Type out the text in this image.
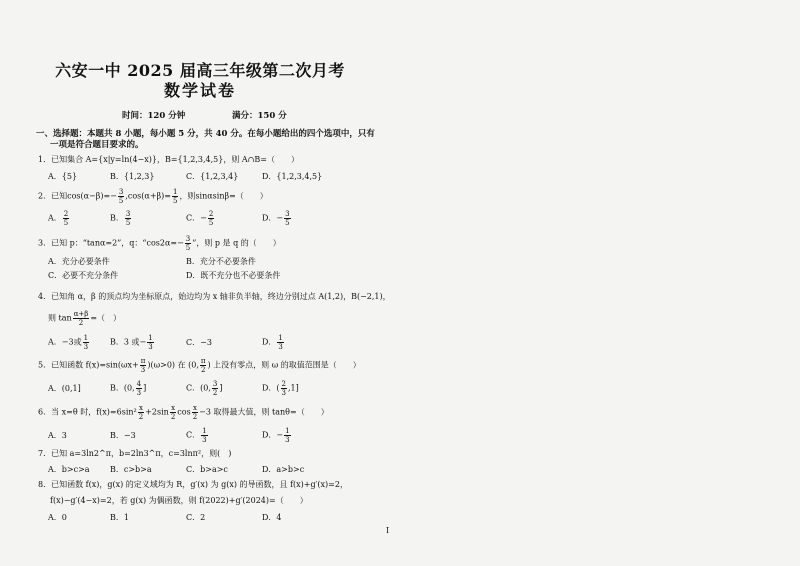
六安一中 2025 届高三年级第二次月考
数学试卷
时间：120 分钟	满分：150 分
一、选择题：本题共 8 小题，每小题 5 分，共 40 分。在每小题给出的四个选项中，只有
一项是符合题目要求的。
1．已知集合 A={x|y=ln(4−x)}，B={1,2,3,4,5}，则 A∩B=（　　）
A．{5}	B．{1,2,3}	C．{1,2,3,4}	D．{1,2,3,4,5}
2．已知$\cos(\alpha-\beta)=- \frac{3}{5} ,\cos(\alpha+\beta)= \frac{1}{5}$ ，则sinαsinβ=（　　）
A． $\frac{2}{5}$	B． $\frac{3}{5}$	C．− $\frac{2}{5}$	D．− $\frac{3}{5}$
3．已知 p：“tanα=2”，q：“$\cos 2\alpha=- \frac{3}{5}$ ”，则 p 是 q 的（　　）
A．充分必要条件	B．充分不必要条件
C．必要不充分条件	D．既不充分也不必要条件
4．已知角 α，β 的顶点均为坐标原点，始边均为 x 轴非负半轴，终边分别过点 A(1,2)，B(−2,1)，
则 $\tan \frac{\alpha+\beta}{2}$ =（　）
A．−3或 $\frac{1}{3}$	B．3 或− $\frac{1}{3}$	C．−3	D． $\frac{1}{3}$
5．已知函数 $f(x)=\sin(\omega x+ \frac{\pi}{3} )(\omega>0)$ 在 (0, $\frac{\pi}{2}$ ) 上没有零点，则 ω 的取值范围是（　　）
A．(0,1]	B．(0, $\frac{4}{3}$ ]	C．(0, $\frac{3}{2}$ ]	D．( $\frac{2}{3} ,1$]
6．当 x=θ 时，$f(x)=6\sin^2 \frac{x}{2} +2\sin \frac{x}{2}$ $\cos \frac{x}{2} -3$ 取得最大值，则 tanθ=（　　）
A．3	B．−3	C． $\frac{1}{3}$	D．− $\frac{1}{3}$
7．已知 a=3ln2^π，b=2ln3^π，c=3lnπ²，则(　)
A．b>c>a	B．c>b>a	C．b>a>c	D．a>b>c
8．已知函数 f(x)，g(x) 的定义域均为 R，g′(x) 为 g(x) 的导函数，且 f(x)+g′(x)=2，
f(x)−g′(4−x)=2，若 g(x) 为偶函数，则 f(2022)+g′(2024)=（　　）
A．0	B．1	C．2	D．4
I
